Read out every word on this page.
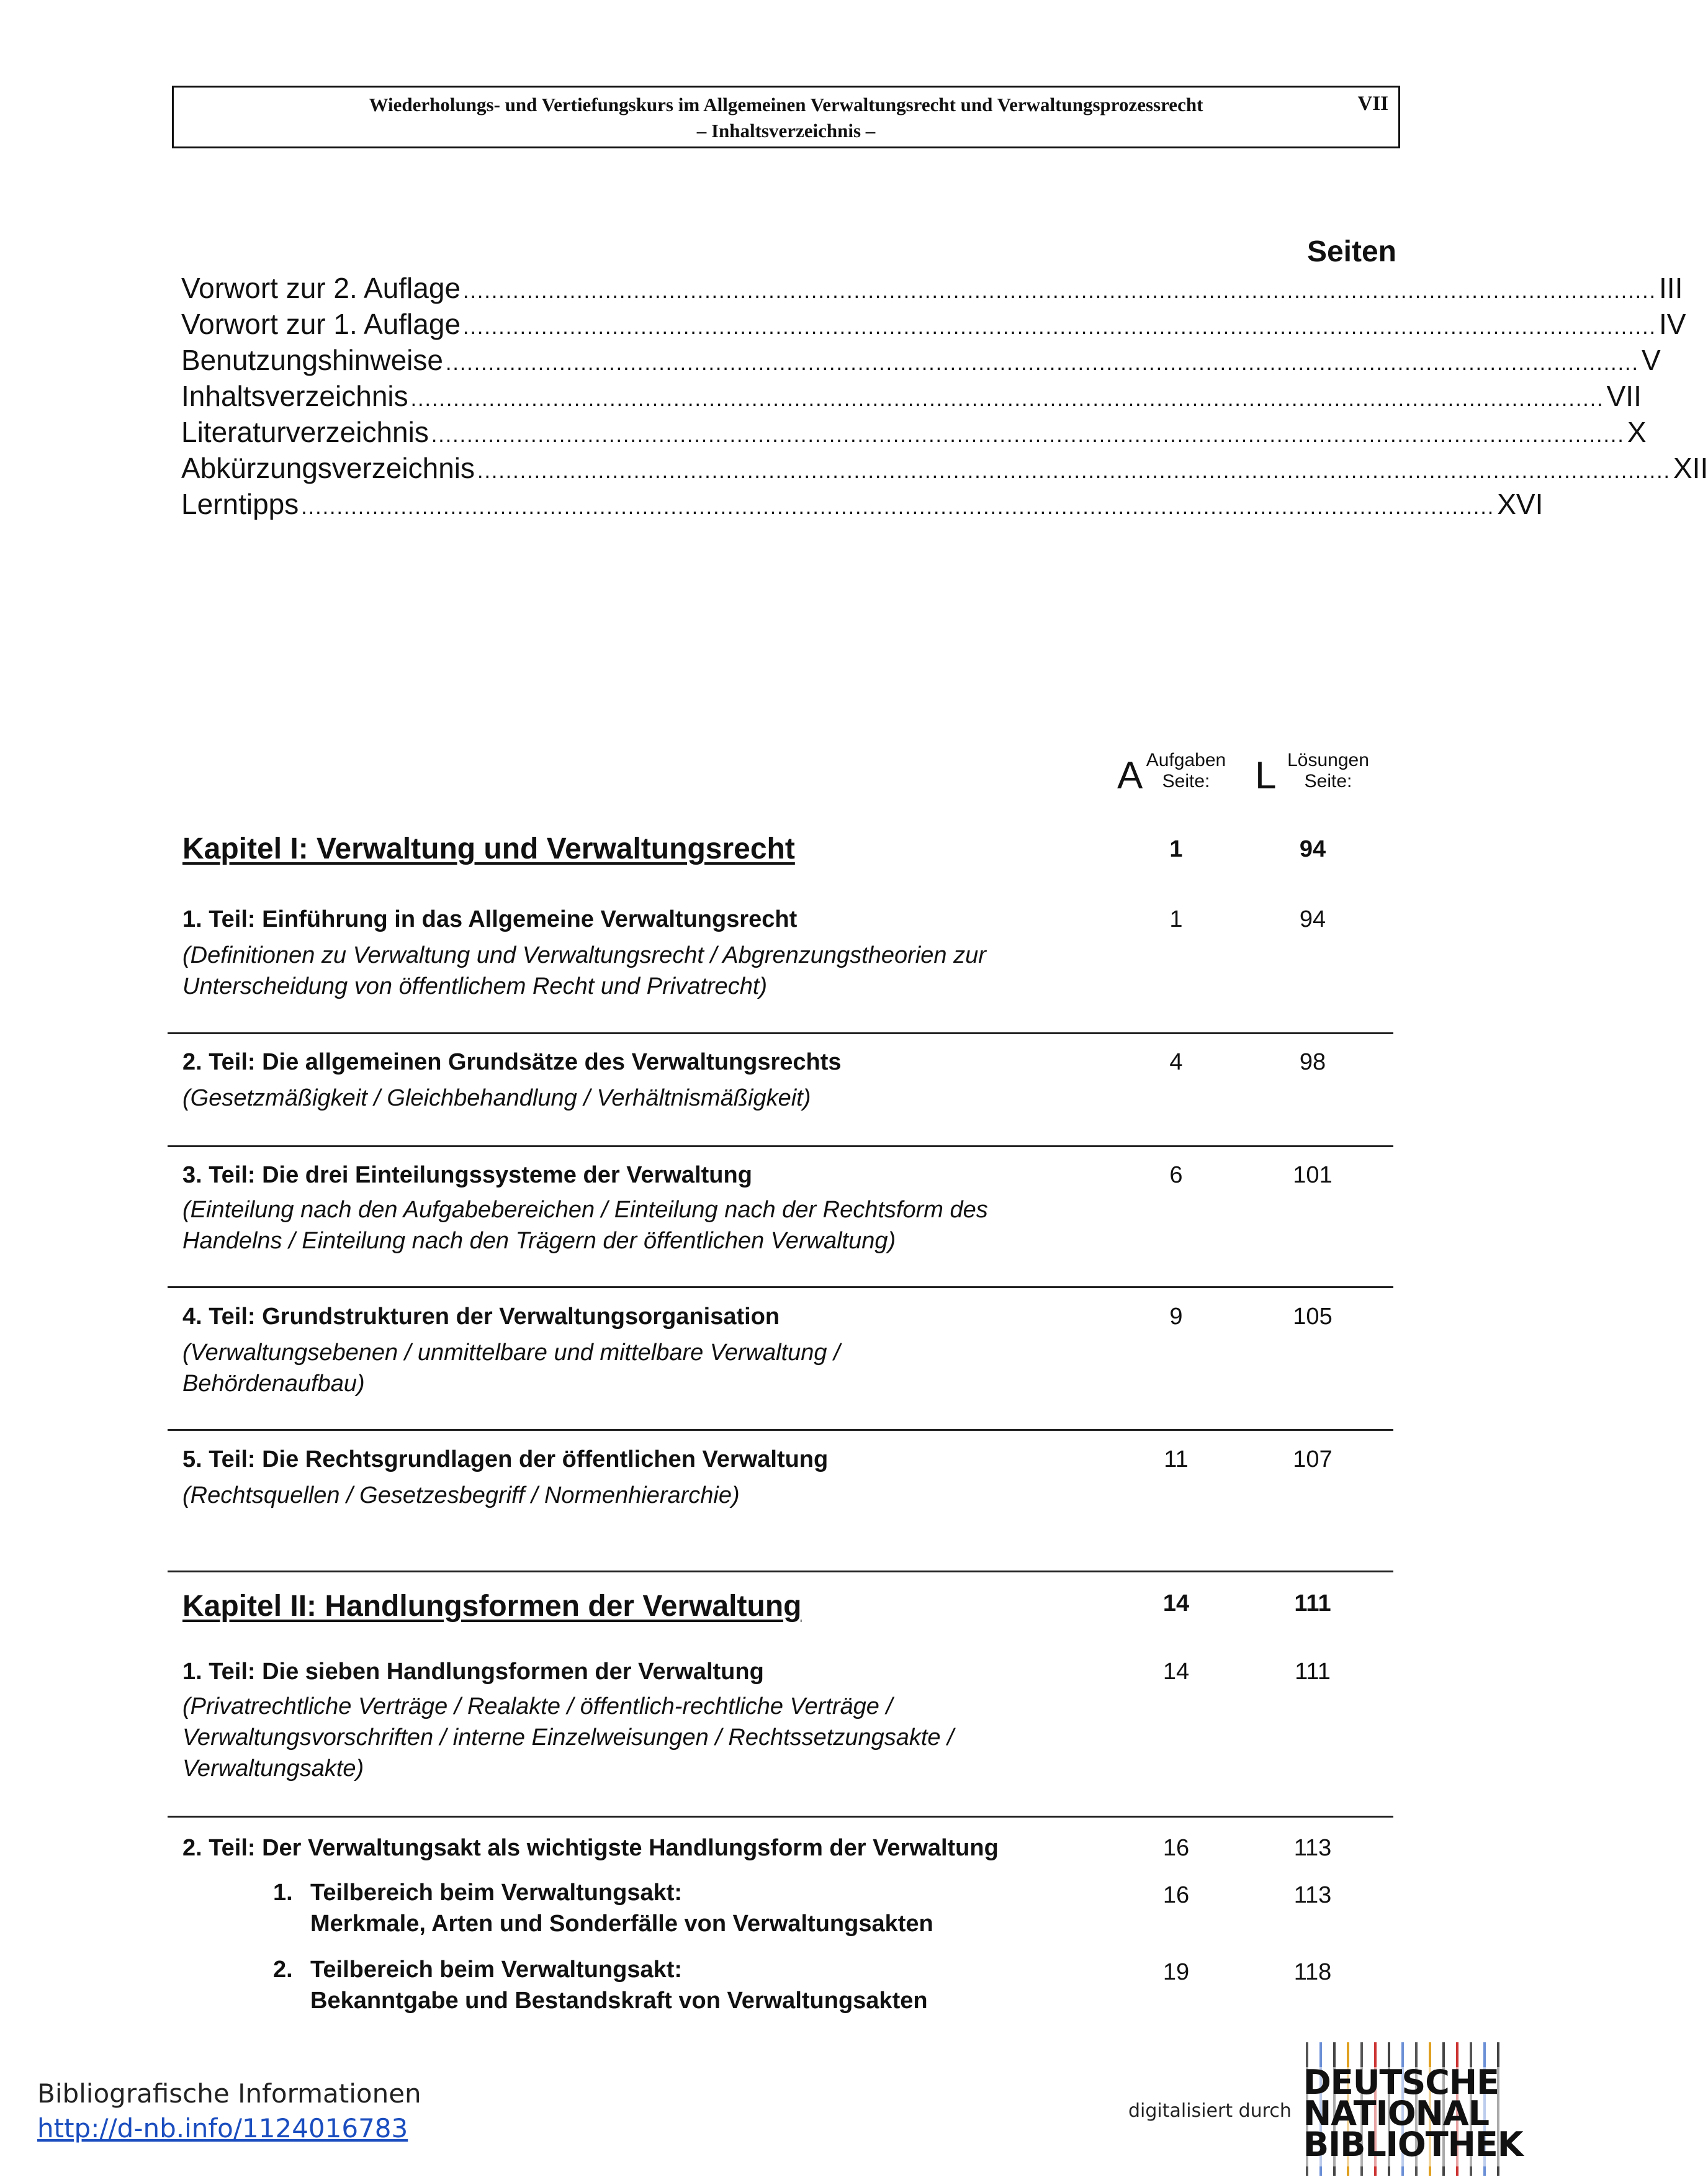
Wiederholungs- und Vertiefungskurs im Allgemeinen Verwaltungsrecht und Verwaltungsprozessrecht
– Inhaltsverzeichnis –
VII
Seiten
Vorwort zur 2. Auflage ........................................................................................................................................................................ III
Vorwort zur 1. Auflage ........................................................................................................................................................................ IV
Benutzungshinweise ........................................................................................................................................................................ V
Inhaltsverzeichnis ........................................................................................................................................................................ VII
Literaturverzeichnis ........................................................................................................................................................................ X
Abkürzungsverzeichnis ........................................................................................................................................................................ XII
Lerntipps ........................................................................................................................................................................ XVI
A Aufgaben
Seite:	L Lösungen
Seite:
Kapitel I: Verwaltung und Verwaltungsrecht	1	94
1. Teil: Einführung in das Allgemeine Verwaltungsrecht	1	94
(Definitionen zu Verwaltung und Verwaltungsrecht / Abgrenzungstheorien zur
Unterscheidung von öffentlichem Recht und Privatrecht)
2. Teil: Die allgemeinen Grundsätze des Verwaltungsrechts	4	98
(Gesetzmäßigkeit / Gleichbehandlung / Verhältnismäßigkeit)
3. Teil: Die drei Einteilungssysteme der Verwaltung	6	101
(Einteilung nach den Aufgabebereichen / Einteilung nach der Rechtsform des
Handelns / Einteilung nach den Trägern der öffentlichen Verwaltung)
4. Teil: Grundstrukturen der Verwaltungsorganisation	9	105
(Verwaltungsebenen / unmittelbare und mittelbare Verwaltung /
Behördenaufbau)
5. Teil: Die Rechtsgrundlagen der öffentlichen Verwaltung	11	107
(Rechtsquellen / Gesetzesbegriff / Normenhierarchie)
Kapitel II: Handlungsformen der Verwaltung	14	111
1. Teil: Die sieben Handlungsformen der Verwaltung	14	111
(Privatrechtliche Verträge / Realakte / öffentlich-rechtliche Verträge /
Verwaltungsvorschriften / interne Einzelweisungen / Rechtssetzungsakte /
Verwaltungsakte)
2. Teil: Der Verwaltungsakt als wichtigste Handlungsform der Verwaltung	16	113
1. Teilbereich beim Verwaltungsakt:
Merkmale, Arten und Sonderfälle von Verwaltungsakten
16	113
2. Teilbereich beim Verwaltungsakt:
Bekanntgabe und Bestandskraft von Verwaltungsakten
19	118
Bibliografische Informationen
http://d-nb.info/1124016783
digitalisiert durch
DEUTSCHE
NATIONAL
BIBLIOTHEK
